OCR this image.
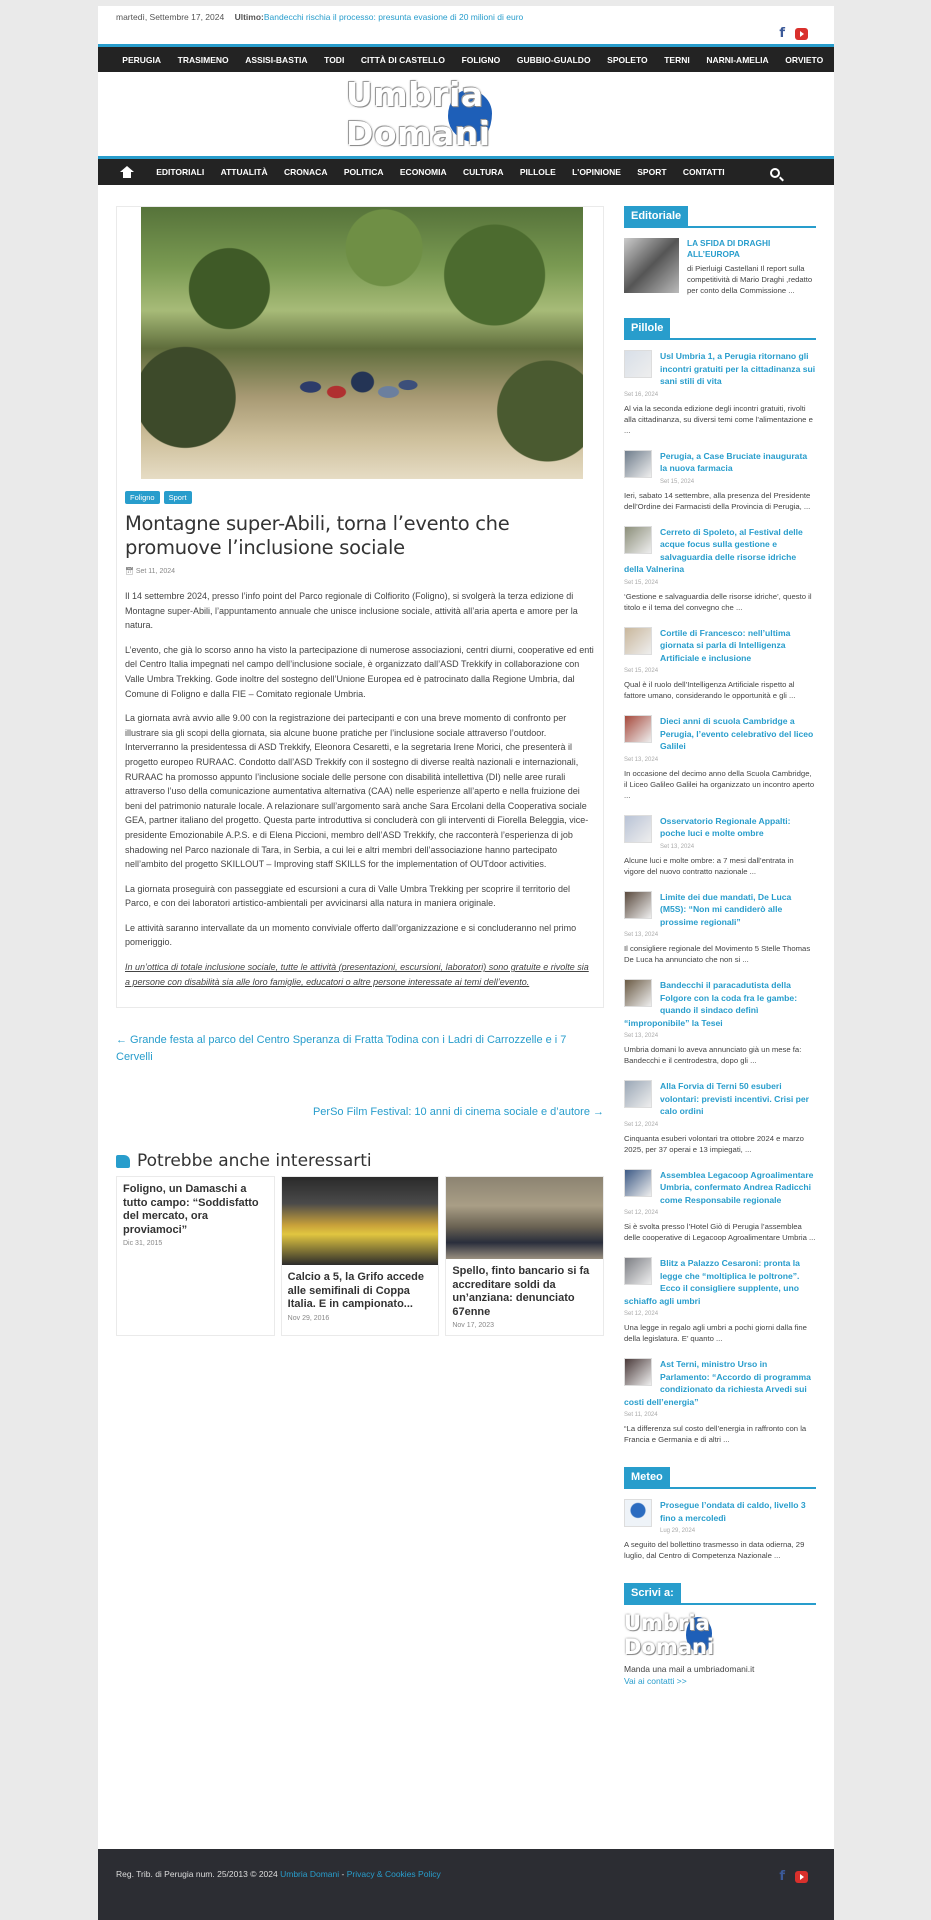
martedì, Settembre 17, 2024 Ultimo:Bandecchi rischia il processo: presunta evasione di 20 milioni di euro
f
PERUGIA	TRASIMENO	ASSISI-BASTIA	TODI	CITTÀ DI CASTELLO	FOLIGNO	GUBBIO-GUALDO	SPOLETO	TERNI	NARNI-AMELIA	ORVIETO
Umbria Domani
EDITORIALI	ATTUALITÀ	CRONACA	POLITICA	ECONOMIA	CULTURA	PILLOLE	L'OPINIONE	SPORT	CONTATTI
Foligno	Sport
Montagne super-Abili, torna l’evento che promuove l’inclusione sociale
📅︎ Set 11, 2024

Il 14 settembre 2024, presso l’info point del Parco regionale di Colfiorito (Foligno), si svolgerà la terza edizione di Montagne super-Abili, l’appuntamento annuale che unisce inclusione sociale, attività all’aria aperta e amore per la natura.

L’evento, che già lo scorso anno ha visto la partecipazione di numerose associazioni, centri diurni, cooperative ed enti del Centro Italia impegnati nel campo dell’inclusione sociale, è organizzato dall’ASD Trekkify in collaborazione con Valle Umbra Trekking. Gode inoltre del sostegno dell’Unione Europea ed è patrocinato dalla Regione Umbria, dal Comune di Foligno e dalla FIE – Comitato regionale Umbria.

La giornata avrà avvio alle 9.00 con la registrazione dei partecipanti e con una breve momento di confronto per illustrare sia gli scopi della giornata, sia alcune buone pratiche per l’inclusione sociale attraverso l’outdoor. Interverranno la presidentessa di ASD Trekkify, Eleonora Cesaretti, e la segretaria Irene Morici, che presenterà il progetto europeo RURAAC. Condotto dall’ASD Trekkify con il sostegno di diverse realtà nazionali e internazionali, RURAAC ha promosso appunto l’inclusione sociale delle persone con disabilità intellettiva (DI) nelle aree rurali attraverso l’uso della comunicazione aumentativa alternativa (CAA) nelle esperienze all’aperto e nella fruizione dei beni del patrimonio naturale locale. A relazionare sull’argomento sarà anche Sara Ercolani della Cooperativa sociale GEA, partner italiano del progetto. Questa parte introduttiva si concluderà con gli interventi di Fiorella Beleggia, vice-presidente Emozionabile A.P.S. e di Elena Piccioni, membro dell’ASD Trekkify, che racconterà l’esperienza di job shadowing nel Parco nazionale di Tara, in Serbia, a cui lei e altri membri dell’associazione hanno partecipato nell’ambito del progetto SKILLOUT – Improving staff SKILLS for the implementation of OUTdoor activities.

La giornata proseguirà con passeggiate ed escursioni a cura di Valle Umbra Trekking per scoprire il territorio del Parco, e con dei laboratori artistico-ambientali per avvicinarsi alla natura in maniera originale.

Le attività saranno intervallate da un momento conviviale offerto dall’organizzazione e si concluderanno nel primo pomeriggio.

In un’ottica di totale inclusione sociale, tutte le attività (presentazioni, escursioni, laboratori) sono gratuite e rivolte sia a persone con disabilità sia alle loro famiglie, educatori o altre persone interessate ai temi dell’evento.

← Grande festa al parco del Centro Speranza di Fratta Todina con i Ladri di Carrozzelle e i 7 Cervelli
PerSo Film Festival: 10 anni di cinema sociale e d’autore →
Potrebbe anche interessarti
Foligno, un Damaschi a tutto campo: “Soddisfatto del mercato, ora proviamoci”
Dic 31, 2015
Calcio a 5, la Grifo accede alle semifinali di Coppa Italia. E in campionato...
Nov 29, 2016
Spello, finto bancario si fa accreditare soldi da un’anziana: denunciato 67enne
Nov 17, 2023
Editoriale
LA SFIDA DI DRAGHI ALL’EUROPA
di Pierluigi Castellani Il report sulla competitività di Mario Draghi ,redatto per conto della Commissione ...
Pillole
Usl Umbria 1, a Perugia ritornano gli incontri gratuiti per la cittadinanza sui sani stili di vita
Set 16, 2024
Al via la seconda edizione degli incontri gratuiti, rivolti alla cittadinanza, su diversi temi come l’alimentazione e ...
Perugia, a Case Bruciate inaugurata la nuova farmacia
Set 15, 2024
Ieri, sabato 14 settembre, alla presenza del Presidente dell’Ordine dei Farmacisti della Provincia di Perugia, ...
Cerreto di Spoleto, al Festival delle acque focus sulla gestione e salvaguardia delle risorse idriche della Valnerina
Set 15, 2024
‘Gestione e salvaguardia delle risorse idriche’, questo il titolo e il tema del convegno che ...
Cortile di Francesco: nell’ultima giornata si parla di Intelligenza Artificiale e inclusione
Set 15, 2024
Qual è il ruolo dell’Intelligenza Artificiale rispetto al fattore umano, considerando le opportunità e gli ...
Dieci anni di scuola Cambridge a Perugia, l’evento celebrativo del liceo Galilei
Set 13, 2024
In occasione del decimo anno della Scuola Cambridge, il Liceo Galileo Galilei ha organizzato un incontro aperto ...
Osservatorio Regionale Appalti: poche luci e molte ombre
Set 13, 2024
Alcune luci e molte ombre: a 7 mesi dall’entrata in vigore del nuovo contratto nazionale ...
Limite dei due mandati, De Luca (M5S): “Non mi candiderò alle prossime regionali”
Set 13, 2024
Il consigliere regionale del Movimento 5 Stelle Thomas De Luca ha annunciato che non si ...
Bandecchi il paracadutista della Folgore con la coda fra le gambe: quando il sindaco definì “improponibile” la Tesei
Set 13, 2024
Umbria domani lo aveva annunciato già un mese fa: Bandecchi e il centrodestra, dopo gli ...
Alla Forvia di Terni 50 esuberi volontari: previsti incentivi. Crisi per calo ordini
Set 12, 2024
Cinquanta esuberi volontari tra ottobre 2024 e marzo 2025, per 37 operai e 13 impiegati, ...
Assemblea Legacoop Agroalimentare Umbria, confermato Andrea Radicchi come Responsabile regionale
Set 12, 2024
Si è svolta presso l’Hotel Giò di Perugia l’assemblea delle cooperative di Legacoop Agroalimentare Umbria ...
Blitz a Palazzo Cesaroni: pronta la legge che “moltiplica le poltrone”. Ecco il consigliere supplente, uno schiaffo agli umbri
Set 12, 2024
Una legge in regalo agli umbri a pochi giorni dalla fine della legislatura. E’ quanto ...
Ast Terni, ministro Urso in Parlamento: “Accordo di programma condizionato da richiesta Arvedi sui costi dell’energia”
Set 11, 2024
“La differenza sul costo dell’energia in raffronto con la Francia e Germania e di altri ...
Meteo
Prosegue l’ondata di caldo, livello 3 fino a mercoledì
Lug 29, 2024
A seguito del bollettino trasmesso in data odierna, 29 luglio, dal Centro di Competenza Nazionale ...
Scrivi a:
Umbria Domani

Manda una mail a umbriadomani.it

Vai ai contatti >>

Reg. Trib. di Perugia num. 25/2013 © 2024 Umbria Domani - Privacy & Cookies Policy	f
